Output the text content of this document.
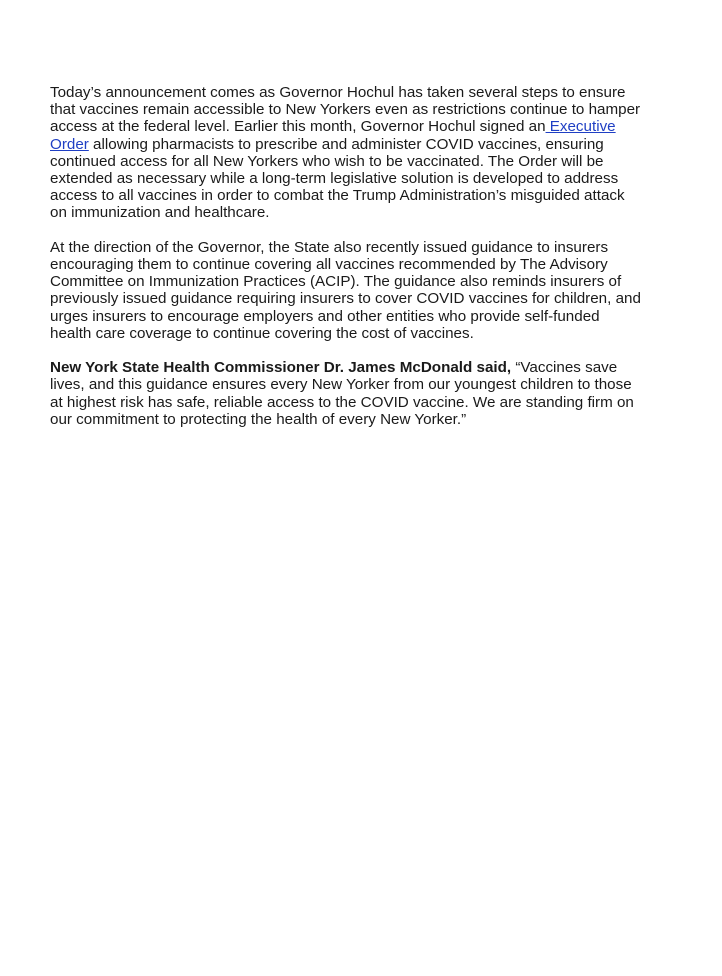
Today’s announcement comes as Governor Hochul has taken several steps to ensure
that vaccines remain accessible to New Yorkers even as restrictions continue to hamper
access at the federal level. Earlier this month, Governor Hochul signed an Executive
Order allowing pharmacists to prescribe and administer COVID vaccines, ensuring
continued access for all New Yorkers who wish to be vaccinated. The Order will be
extended as necessary while a long-term legislative solution is developed to address
access to all vaccines in order to combat the Trump Administration’s misguided attack
on immunization and healthcare.

At the direction of the Governor, the State also recently issued guidance to insurers
encouraging them to continue covering all vaccines recommended by The Advisory
Committee on Immunization Practices (ACIP). The guidance also reminds insurers of
previously issued guidance requiring insurers to cover COVID vaccines for children, and
urges insurers to encourage employers and other entities who provide self-funded
health care coverage to continue covering the cost of vaccines.

New York State Health Commissioner Dr. James McDonald said, “Vaccines save
lives, and this guidance ensures every New Yorker from our youngest children to those
at highest risk has safe, reliable access to the COVID vaccine. We are standing firm on
our commitment to protecting the health of every New Yorker.”
